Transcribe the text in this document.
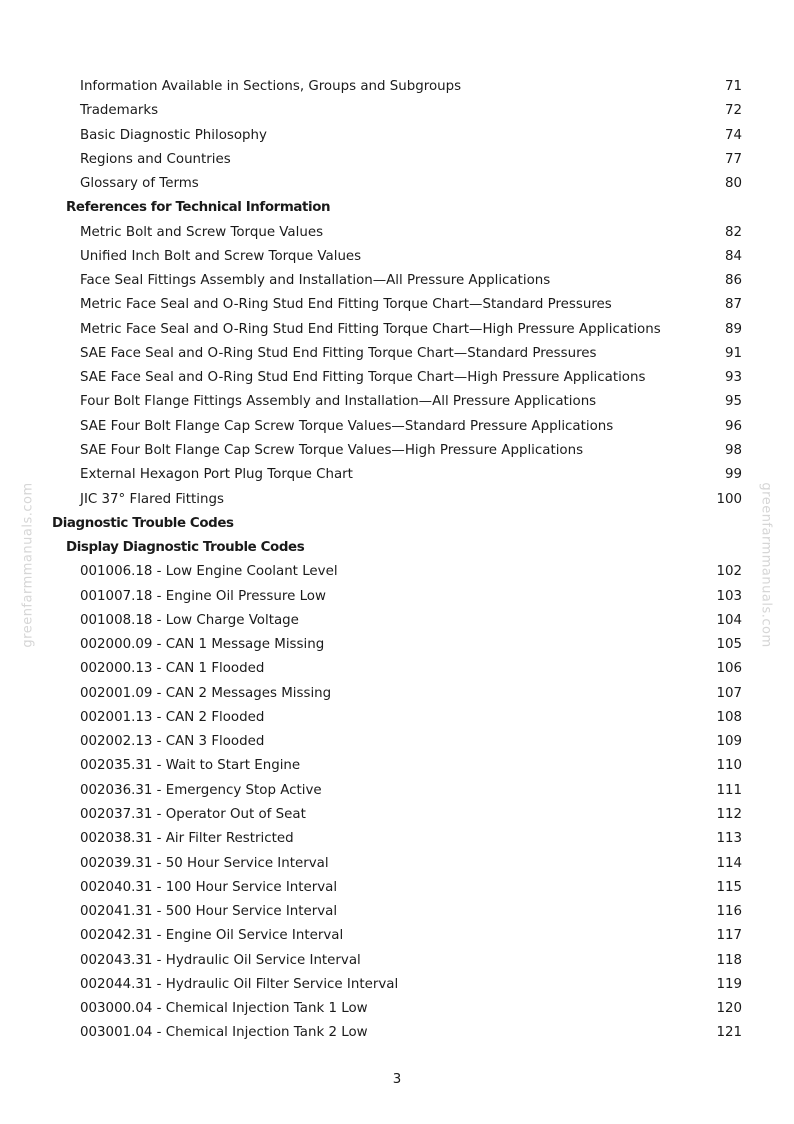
greenfarmmanuals.com	greenfarmmanuals.com
Information Available in Sections, Groups and Subgroups	71
Trademarks	72
Basic Diagnostic Philosophy	74
Regions and Countries	77
Glossary of Terms	80
References for Technical Information
Metric Bolt and Screw Torque Values	82
Unified Inch Bolt and Screw Torque Values	84
Face Seal Fittings Assembly and Installation—All Pressure Applications	86
Metric Face Seal and O-Ring Stud End Fitting Torque Chart—Standard Pressures	87
Metric Face Seal and O-Ring Stud End Fitting Torque Chart—High Pressure Applications	89
SAE Face Seal and O-Ring Stud End Fitting Torque Chart—Standard Pressures	91
SAE Face Seal and O-Ring Stud End Fitting Torque Chart—High Pressure Applications	93
Four Bolt Flange Fittings Assembly and Installation—All Pressure Applications	95
SAE Four Bolt Flange Cap Screw Torque Values—Standard Pressure Applications	96
SAE Four Bolt Flange Cap Screw Torque Values—High Pressure Applications	98
External Hexagon Port Plug Torque Chart	99
JIC 37° Flared Fittings	100
Diagnostic Trouble Codes
Display Diagnostic Trouble Codes
001006.18 - Low Engine Coolant Level	102
001007.18 - Engine Oil Pressure Low	103
001008.18 - Low Charge Voltage	104
002000.09 - CAN 1 Message Missing	105
002000.13 - CAN 1 Flooded	106
002001.09 - CAN 2 Messages Missing	107
002001.13 - CAN 2 Flooded	108
002002.13 - CAN 3 Flooded	109
002035.31 - Wait to Start Engine	110
002036.31 - Emergency Stop Active	111
002037.31 - Operator Out of Seat	112
002038.31 - Air Filter Restricted	113
002039.31 - 50 Hour Service Interval	114
002040.31 - 100 Hour Service Interval	115
002041.31 - 500 Hour Service Interval	116
002042.31 - Engine Oil Service Interval	117
002043.31 - Hydraulic Oil Service Interval	118
002044.31 - Hydraulic Oil Filter Service Interval	119
003000.04 - Chemical Injection Tank 1 Low	120
003001.04 - Chemical Injection Tank 2 Low	121
3
